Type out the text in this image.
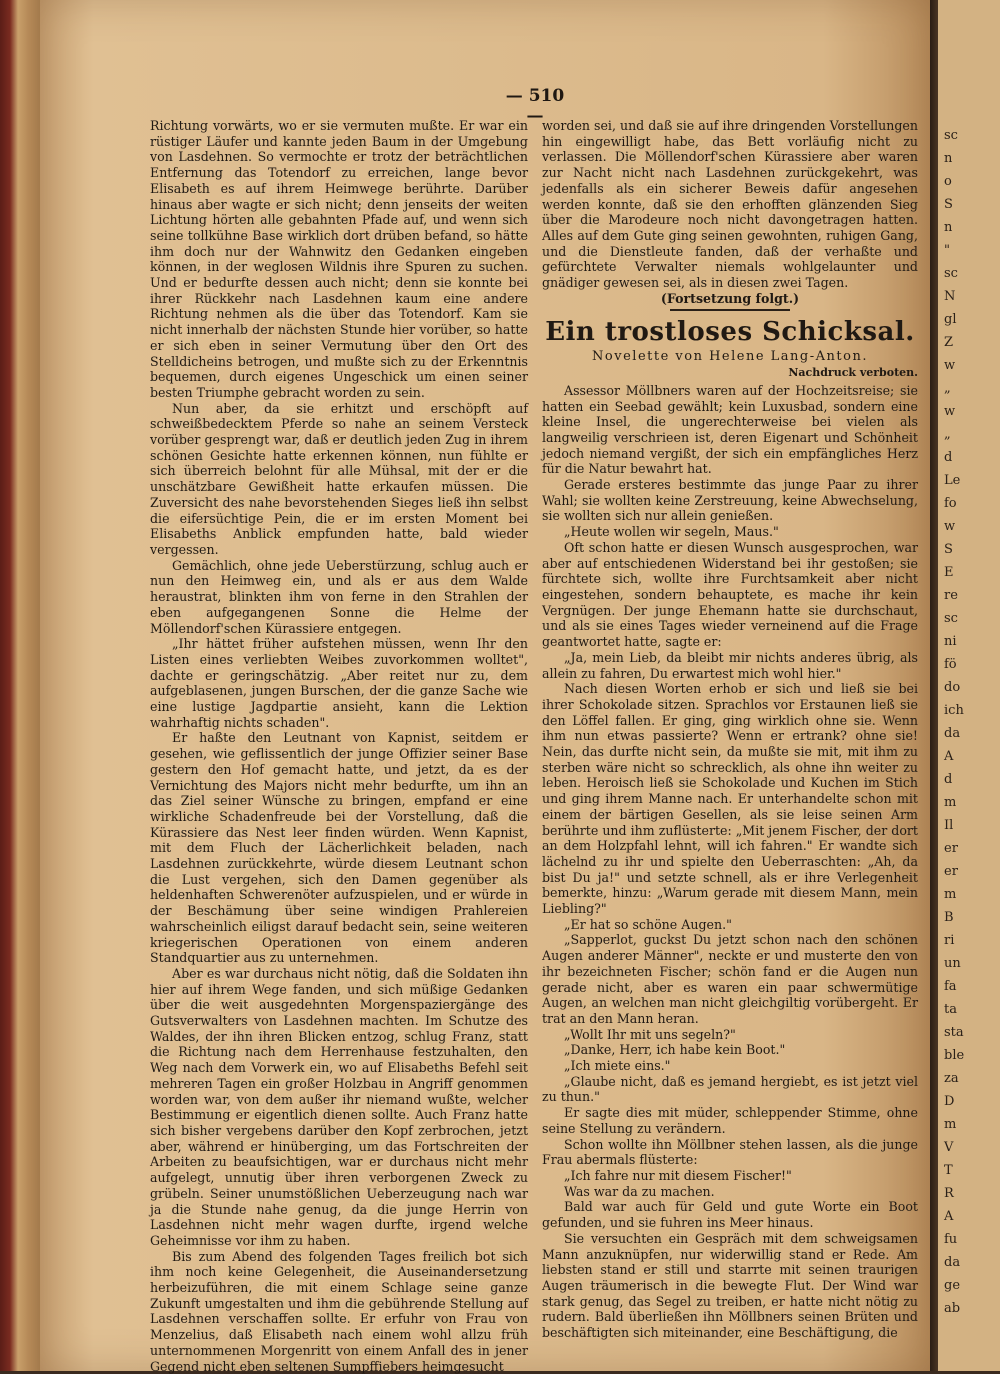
sc
n
o
S
n
"
sc
N
gl
Z
w
„
w
„
d
Le
fo
w
S
E
re
sc
ni
fö
do
ich
da
A
d
m
Il
er
er
m
B
ri
un
fa
ta
sta
ble
za
D
m
V
T
R
A
fu
da
ge
ab
— 510 —

Richtung vorwärts, wo er sie vermuten mußte. Er war ein rüstiger Läufer und kannte jeden Baum in der Umgebung von Lasdehnen. So vermochte er trotz der beträchtlichen Entfernung das Totendorf zu erreichen, lange bevor Elisabeth es auf ihrem Heimwege berührte. Darüber hinaus aber wagte er sich nicht; denn jenseits der weiten Lichtung hörten alle gebahnten Pfade auf, und wenn sich seine tollkühne Base wirklich dort drüben befand, so hätte ihm doch nur der Wahnwitz den Gedanken eingeben können, in der weglosen Wildnis ihre Spuren zu suchen. Und er bedurfte dessen auch nicht; denn sie konnte bei ihrer Rückkehr nach Lasdehnen kaum eine andere Richtung nehmen als die über das Totendorf. Kam sie nicht innerhalb der nächsten Stunde hier vorüber, so hatte er sich eben in seiner Vermutung über den Ort des Stelldicheins betrogen, und mußte sich zu der Erkenntnis bequemen, durch eigenes Ungeschick um einen seiner besten Triumphe gebracht worden zu sein.

Nun aber, da sie erhitzt und erschöpft auf schweißbedecktem Pferde so nahe an seinem Versteck vorüber gesprengt war, daß er deutlich jeden Zug in ihrem schönen Gesichte hatte erkennen können, nun fühlte er sich überreich belohnt für alle Mühsal, mit der er die unschätzbare Gewißheit hatte erkaufen müssen. Die Zuversicht des nahe bevorstehenden Sieges ließ ihn selbst die eifersüchtige Pein, die er im ersten Moment bei Elisabeths Anblick empfunden hatte, bald wieder vergessen.

Gemächlich, ohne jede Ueberstürzung, schlug auch er nun den Heimweg ein, und als er aus dem Walde heraustrat, blinkten ihm von ferne in den Strahlen der eben aufgegangenen Sonne die Helme der Möllendorf'schen Kürassiere entgegen.

„Ihr hättet früher aufstehen müssen, wenn Ihr den Listen eines verliebten Weibes zuvorkommen wolltet", dachte er geringschätzig. „Aber reitet nur zu, dem aufgeblasenen, jungen Burschen, der die ganze Sache wie eine lustige Jagdpartie ansieht, kann die Lektion wahrhaftig nichts schaden".

Er haßte den Leutnant von Kapnist, seitdem er gesehen, wie geflissentlich der junge Offizier seiner Base gestern den Hof gemacht hatte, und jetzt, da es der Vernichtung des Majors nicht mehr bedurfte, um ihn an das Ziel seiner Wünsche zu bringen, empfand er eine wirkliche Schadenfreude bei der Vorstellung, daß die Kürassiere das Nest leer finden würden. Wenn Kapnist, mit dem Fluch der Lächerlichkeit beladen, nach Lasdehnen zurückkehrte, würde diesem Leutnant schon die Lust vergehen, sich den Damen gegenüber als heldenhaften Schwerenöter aufzuspielen, und er würde in der Beschämung über seine windigen Prahlereien wahrscheinlich eiligst darauf bedacht sein, seine weiteren kriegerischen Operationen von einem anderen Standquartier aus zu unternehmen.

Aber es war durchaus nicht nötig, daß die Soldaten ihn hier auf ihrem Wege fanden, und sich müßige Gedanken über die weit ausgedehnten Morgenspaziergänge des Gutsverwalters von Lasdehnen machten. Im Schutze des Waldes, der ihn ihren Blicken entzog, schlug Franz, statt die Richtung nach dem Herrenhause festzuhalten, den Weg nach dem Vorwerk ein, wo auf Elisabeths Befehl seit mehreren Tagen ein großer Holzbau in Angriff genommen worden war, von dem außer ihr niemand wußte, welcher Bestimmung er eigentlich dienen sollte. Auch Franz hatte sich bisher vergebens darüber den Kopf zerbrochen, jetzt aber, während er hinüberging, um das Fortschreiten der Arbeiten zu beaufsichtigen, war er durchaus nicht mehr aufgelegt, unnutig über ihren verborgenen Zweck zu grübeln. Seiner unumstößlichen Ueberzeugung nach war ja die Stunde nahe genug, da die junge Herrin von Lasdehnen nicht mehr wagen durfte, irgend welche Geheimnisse vor ihm zu haben.

Bis zum Abend des folgenden Tages freilich bot sich ihm noch keine Gelegenheit, die Auseinandersetzung herbeizuführen, die mit einem Schlage seine ganze Zukunft umgestalten und ihm die gebührende Stellung auf Lasdehnen verschaffen sollte. Er erfuhr von Frau von Menzelius, daß Elisabeth nach einem wohl allzu früh unternommenen Morgenritt von einem Anfall des in jener Gegend nicht eben seltenen Sumpffiebers heimgesucht

worden sei, und daß sie auf ihre dringenden Vorstellungen hin eingewilligt habe, das Bett vorläufig nicht zu verlassen. Die Möllendorf'schen Kürassiere aber waren zur Nacht nicht nach Lasdehnen zurückgekehrt, was jedenfalls als ein sicherer Beweis dafür angesehen werden konnte, daß sie den erhofften glänzenden Sieg über die Marodeure noch nicht davongetragen hatten. Alles auf dem Gute ging seinen gewohnten, ruhigen Gang, und die Dienstleute fanden, daß der verhaßte und gefürchtete Verwalter niemals wohlgelaunter und gnädiger gewesen sei, als in diesen zwei Tagen.

(Fortsetzung folgt.)

Ein trostloses Schicksal.
Novelette von Helene Lang-Anton.
Nachdruck verboten.

Assessor Möllbners waren auf der Hochzeitsreise; sie hatten ein Seebad gewählt; kein Luxusbad, sondern eine kleine Insel, die ungerechterweise bei vielen als langweilig verschrieen ist, deren Eigenart und Schönheit jedoch niemand vergißt, der sich ein empfängliches Herz für die Natur bewahrt hat.

Gerade ersteres bestimmte das junge Paar zu ihrer Wahl; sie wollten keine Zerstreuung, keine Abwechselung, sie wollten sich nur allein genießen.

„Heute wollen wir segeln, Maus."

Oft schon hatte er diesen Wunsch ausgesprochen, war aber auf entschiedenen Widerstand bei ihr gestoßen; sie fürchtete sich, wollte ihre Furchtsamkeit aber nicht eingestehen, sondern behauptete, es mache ihr kein Vergnügen. Der junge Ehemann hatte sie durchschaut, und als sie eines Tages wieder verneinend auf die Frage geantwortet hatte, sagte er:

„Ja, mein Lieb, da bleibt mir nichts anderes übrig, als allein zu fahren, Du erwartest mich wohl hier."

Nach diesen Worten erhob er sich und ließ sie bei ihrer Schokolade sitzen. Sprachlos vor Erstaunen ließ sie den Löffel fallen. Er ging, ging wirklich ohne sie. Wenn ihm nun etwas passierte? Wenn er ertrank? ohne sie! Nein, das durfte nicht sein, da mußte sie mit, mit ihm zu sterben wäre nicht so schrecklich, als ohne ihn weiter zu leben. Heroisch ließ sie Schokolade und Kuchen im Stich und ging ihrem Manne nach. Er unterhandelte schon mit einem der bärtigen Gesellen, als sie leise seinen Arm berührte und ihm zuflüsterte: „Mit jenem Fischer, der dort an dem Holzpfahl lehnt, will ich fahren." Er wandte sich lächelnd zu ihr und spielte den Ueberraschten: „Ah, da bist Du ja!" und setzte schnell, als er ihre Verlegenheit bemerkte, hinzu: „Warum gerade mit diesem Mann, mein Liebling?"

„Er hat so schöne Augen."

„Sapperlot, guckst Du jetzt schon nach den schönen Augen anderer Männer", neckte er und musterte den von ihr bezeichneten Fischer; schön fand er die Augen nun gerade nicht, aber es waren ein paar schwermütige Augen, an welchen man nicht gleichgiltig vorübergeht. Er trat an den Mann heran.

„Wollt Ihr mit uns segeln?"

„Danke, Herr, ich habe kein Boot."

„Ich miete eins."

„Glaube nicht, daß es jemand hergiebt, es ist jetzt viel zu thun."

Er sagte dies mit müder, schleppender Stimme, ohne seine Stellung zu verändern.

Schon wollte ihn Möllbner stehen lassen, als die junge Frau abermals flüsterte:

„Ich fahre nur mit diesem Fischer!"

Was war da zu machen.

Bald war auch für Geld und gute Worte ein Boot gefunden, und sie fuhren ins Meer hinaus.

Sie versuchten ein Gespräch mit dem schweigsamen Mann anzuknüpfen, nur widerwillig stand er Rede. Am liebsten stand er still und starrte mit seinen traurigen Augen träumerisch in die bewegte Flut. Der Wind war stark genug, das Segel zu treiben, er hatte nicht nötig zu rudern. Bald überließen ihn Möllbners seinen Brüten und beschäftigten sich miteinander, eine Beschäftigung, die
